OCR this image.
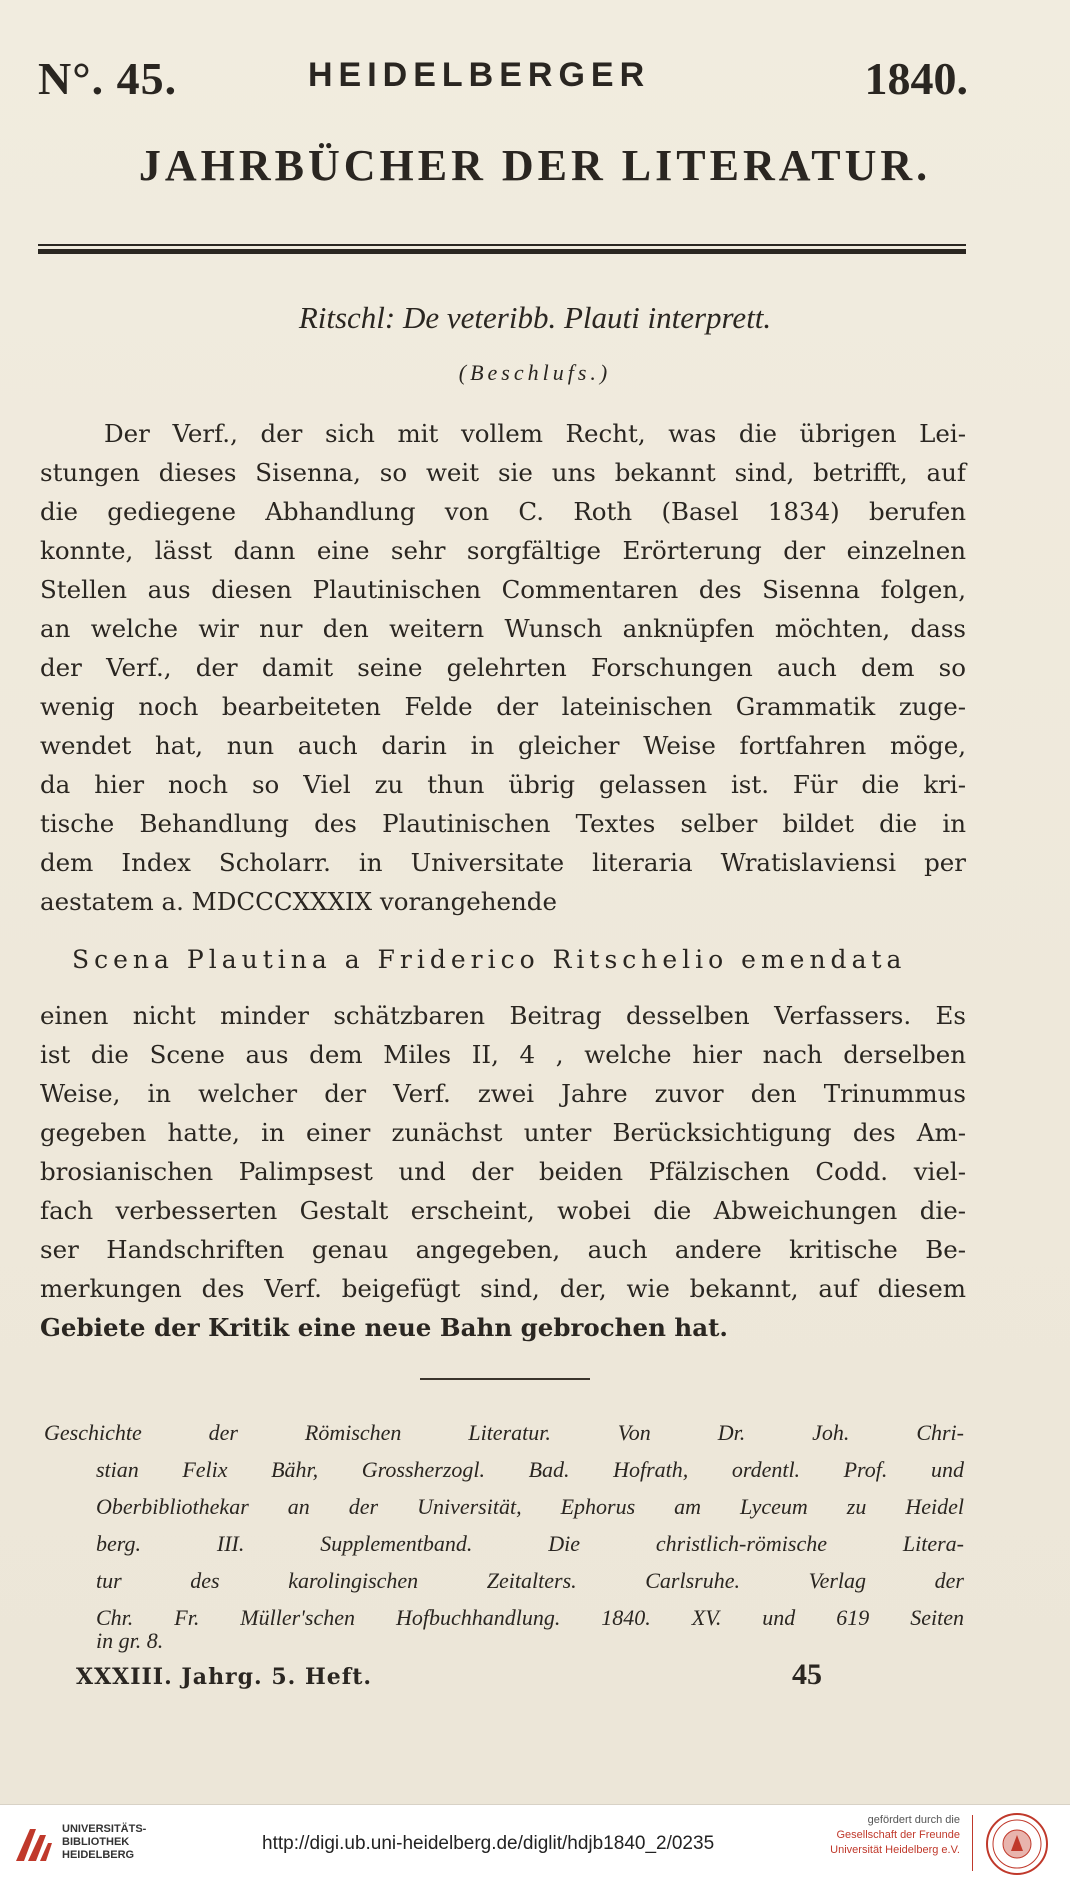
N°. 45.	HEIDELBERGER	1840.
JAHRBÜCHER DER LITERATUR.
Ritschl: De veteribb. Plauti interprett.
(Beschlufs.)
Der Verf., der sich mit vollem Recht, was die übrigen Lei-
stungen dieses Sisenna, so weit sie uns bekannt sind, betrifft, auf
die gediegene Abhandlung von C. Roth (Basel 1834) berufen
konnte, lässt dann eine sehr sorgfältige Erörterung der einzelnen
Stellen aus diesen Plautinischen Commentaren des Sisenna folgen,
an welche wir nur den weitern Wunsch anknüpfen möchten, dass
der Verf., der damit seine gelehrten Forschungen auch dem so
wenig noch bearbeiteten Felde der lateinischen Grammatik zuge-
wendet hat, nun auch darin in gleicher Weise fortfahren möge,
da hier noch so Viel zu thun übrig gelassen ist. Für die kri-
tische Behandlung des Plautinischen Textes selber bildet die in
dem Index Scholarr. in Universitate literaria Wratislaviensi per
aestatem a. MDCCCXXXIX vorangehende
Scena Plautina a Friderico Ritschelio emendata
einen nicht minder schätzbaren Beitrag desselben Verfassers. Es
ist die Scene aus dem Miles II, 4 , welche hier nach derselben
Weise, in welcher der Verf. zwei Jahre zuvor den Trinummus
gegeben hatte, in einer zunächst unter Berücksichtigung des Am-
brosianischen Palimpsest und der beiden Pfälzischen Codd. viel-
fach verbesserten Gestalt erscheint, wobei die Abweichungen die-
ser Handschriften genau angegeben, auch andere kritische Be-
merkungen des Verf. beigefügt sind, der, wie bekannt, auf diesem
Gebiete der Kritik eine neue Bahn gebrochen hat.
Geschichte der Römischen Literatur. Von Dr. Joh. Chri-
stian Felix Bähr, Grossherzogl. Bad. Hofrath, ordentl. Prof. und
Oberbibliothekar an der Universität, Ephorus am Lyceum zu Heidel
berg. III. Supplementband. Die christlich-römische Litera-
tur des karolingischen Zeitalters. Carlsruhe. Verlag der
Chr. Fr. Müller'schen Hofbuchhandlung. 1840. XV. und 619 Seiten
in gr. 8.
XXXIII. Jahrg. 5. Heft.	45
UNIVERSITÄTS-
BIBLIOTHEK
HEIDELBERG
http://digi.ub.uni-heidelberg.de/diglit/hdjb1840_2/0235
gefördert durch die
Gesellschaft der Freunde
Universität Heidelberg e.V.
